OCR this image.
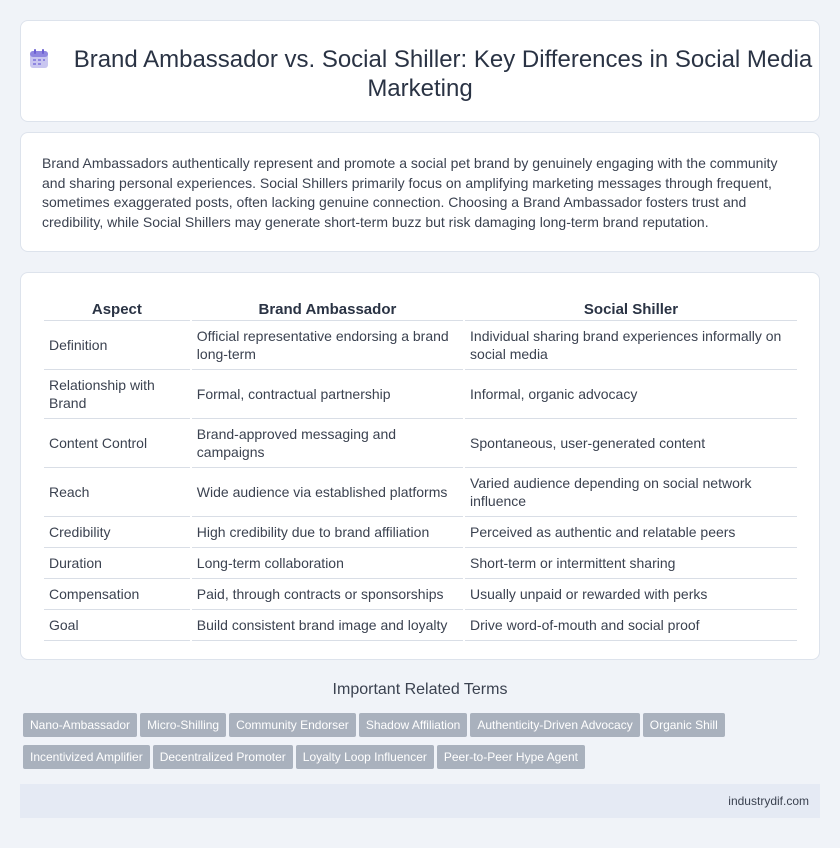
Brand Ambassador vs. Social Shiller: Key Differences in Social Media Marketing

Brand Ambassadors authentically represent and promote a social pet brand by genuinely engaging with the community and sharing personal experiences. Social Shillers primarily focus on amplifying marketing messages through frequent, sometimes exaggerated posts, often lacking genuine connection. Choosing a Brand Ambassador fosters trust and credibility, while Social Shillers may generate short-term buzz but risk damaging long-term brand reputation.

Aspect	Brand Ambassador	Social Shiller
Definition	Official representative endorsing a brand long-term	Individual sharing brand experiences informally on social media
Relationship with Brand	Formal, contractual partnership	Informal, organic advocacy
Content Control	Brand-approved messaging and campaigns	Spontaneous, user-generated content
Reach	Wide audience via established platforms	Varied audience depending on social network influence
Credibility	High credibility due to brand affiliation	Perceived as authentic and relatable peers
Duration	Long-term collaboration	Short-term or intermittent sharing
Compensation	Paid, through contracts or sponsorships	Usually unpaid or rewarded with perks
Goal	Build consistent brand image and loyalty	Drive word-of-mouth and social proof
Important Related Terms
Nano-Ambassador Micro-Shilling Community Endorser Shadow Affiliation Authenticity-Driven Advocacy Organic ShillIncentivized Amplifier Decentralized Promoter Loyalty Loop Influencer Peer-to-Peer Hype Agent
industrydif.com
